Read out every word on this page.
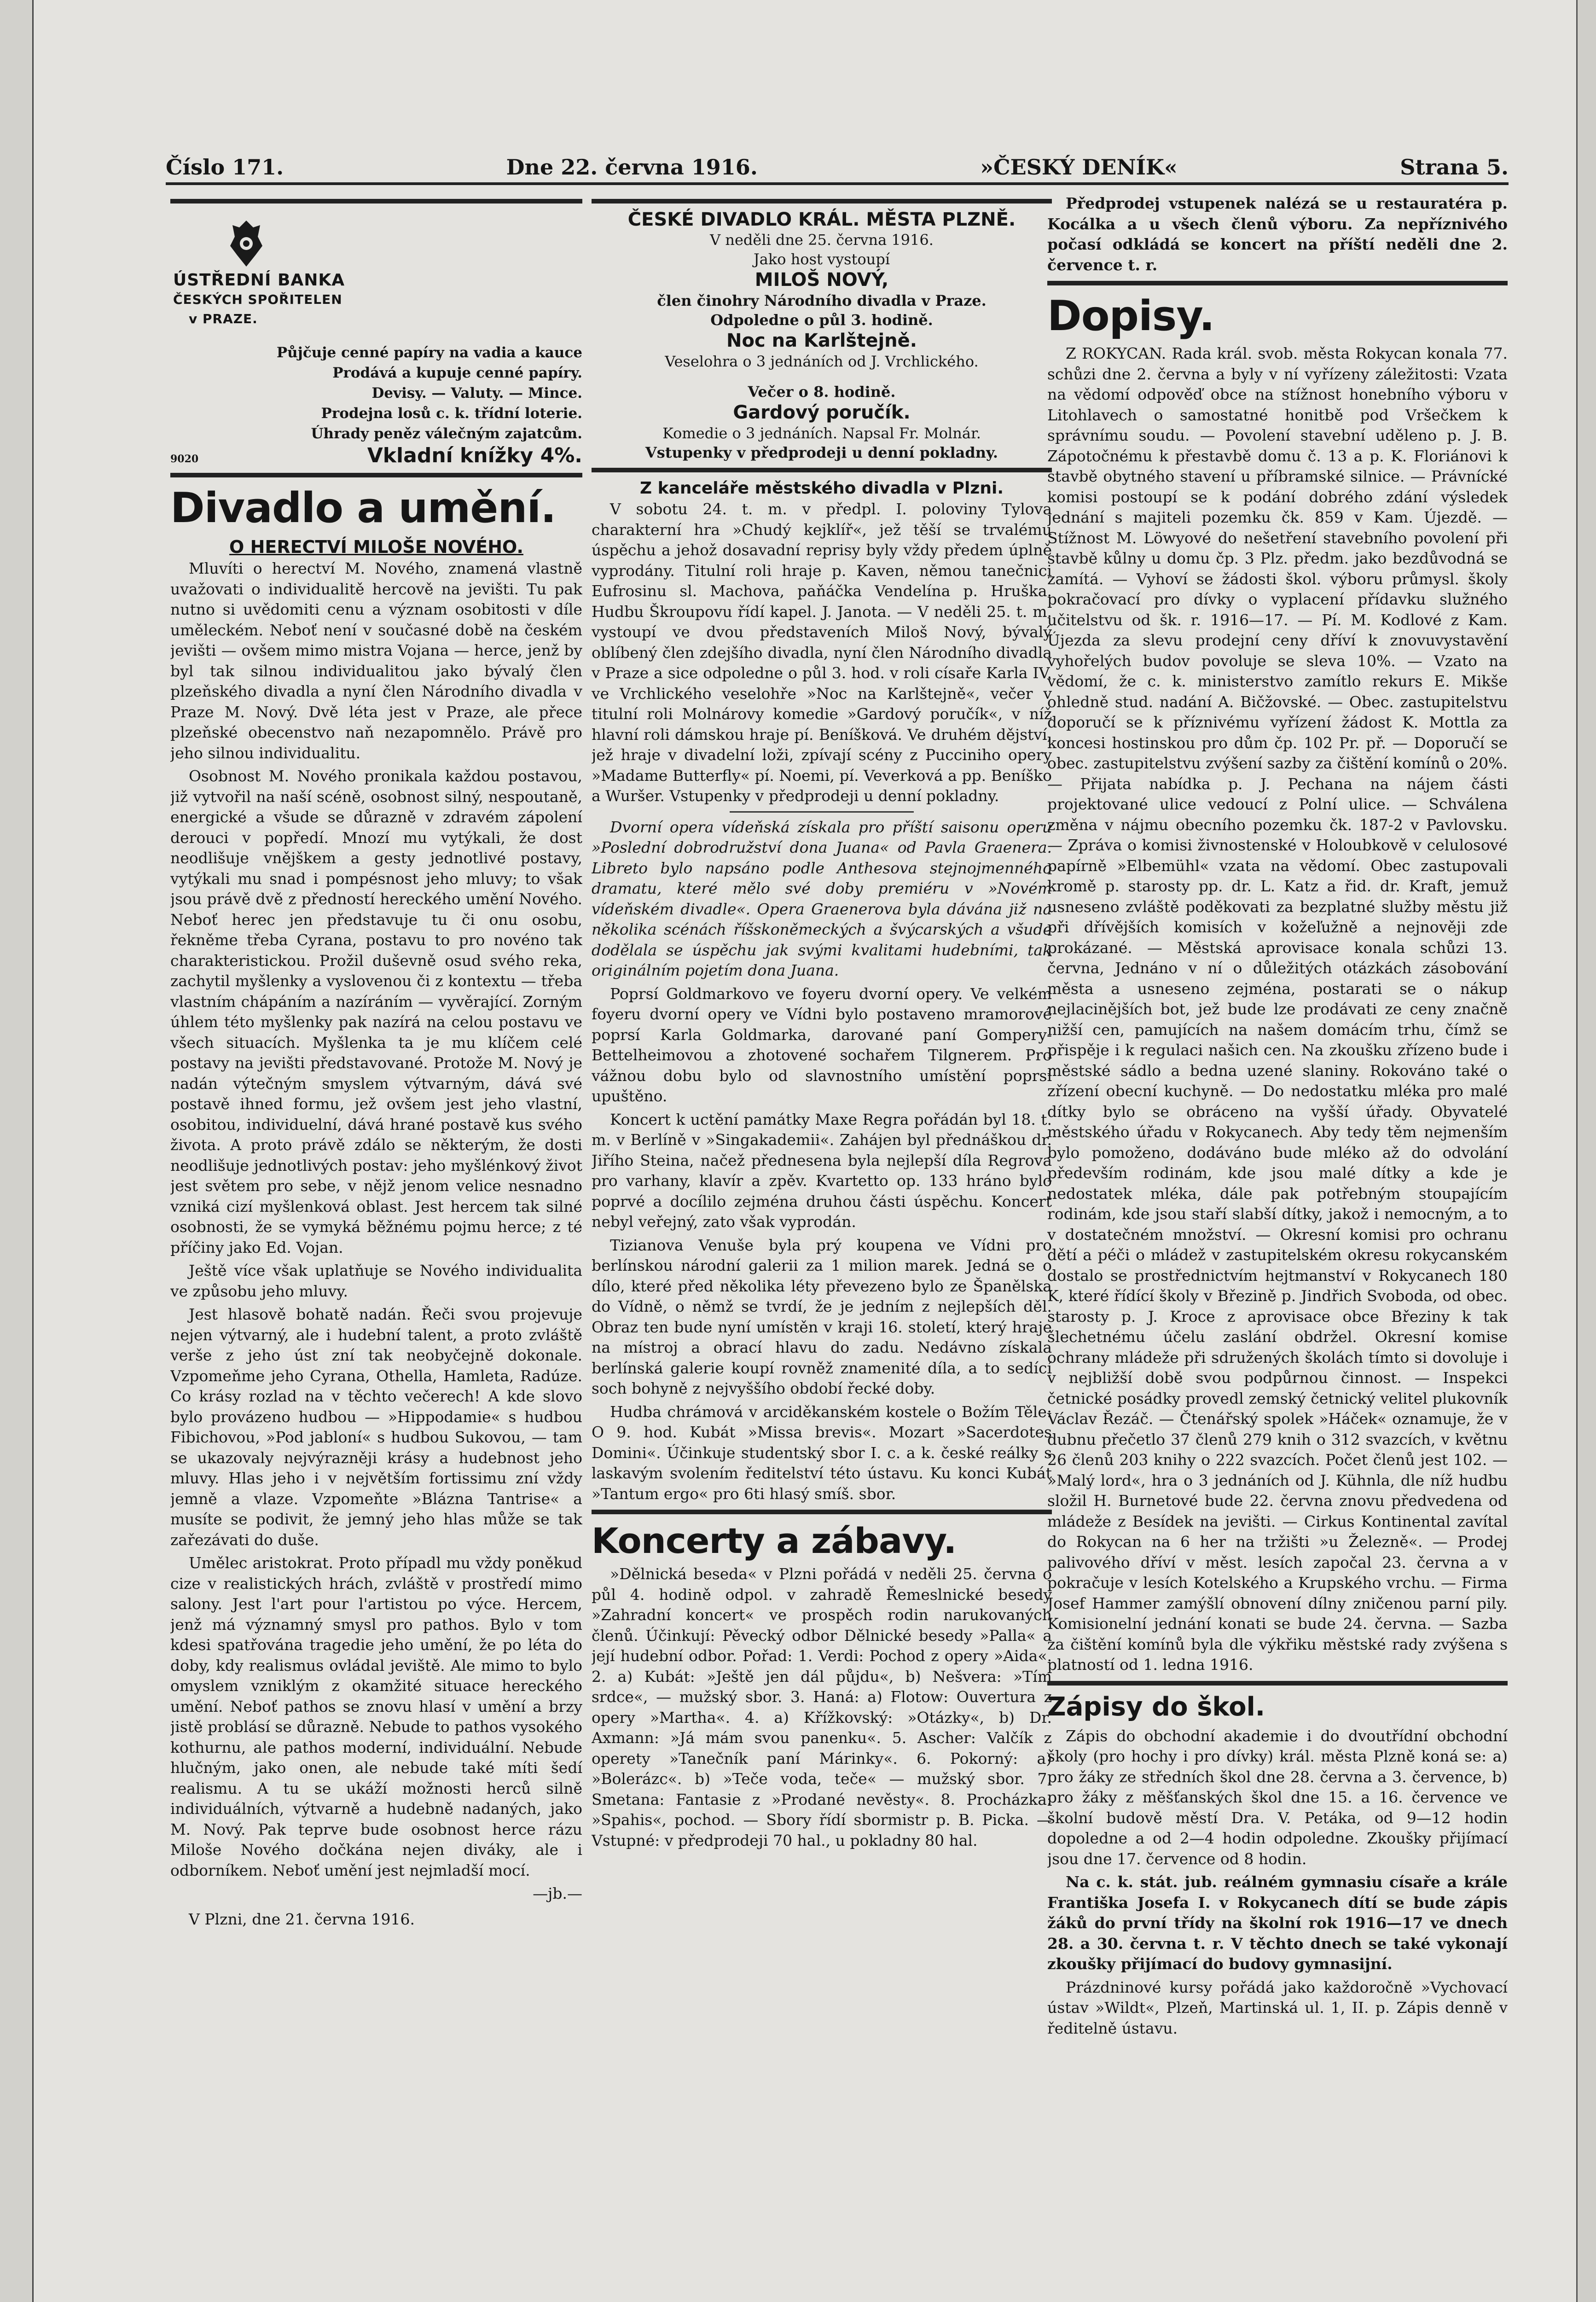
Číslo 171.	Dne 22. června 1916.	»ČESKÝ DENÍK«	Strana 5.
ÚSTŘEDNÍ BANKA
ČESKÝCH SPOŘITELEN
v PRAZE.
Půjčuje cenné papíry na vadia a kauce
Prodává a kupuje cenné papíry.
Devisy. — Valuty. — Mince.
Prodejna losů c. k. třídní loterie.
Úhrady peněz válečným zajatcům.
9020	Vkladní knížky 4%.
Divadlo a umění.
O HERECTVÍ MILOŠE NOVÉHO.

Mluvíti o herectví M. Nového, znamená vlastně uvažovati o individualitě hercově na jevišti. Tu pak nutno si uvědomiti cenu a význam osobitosti v díle uměleckém. Neboť není v současné době na českém jevišti — ovšem mimo mistra Vojana — herce, jenž by byl tak silnou individualitou jako bývalý člen plzeňského divadla a nyní člen Národního divadla v Praze M. Nový. Dvě léta jest v Praze, ale přece plzeňské obecenstvo naň nezapomnělo. Právě pro jeho silnou individualitu.

Osobnost M. Nového pronikala každou postavou, již vytvořil na naší scéně, osobnost silný, nespoutaně, energické a všude se důrazně v zdravém zápolení derouci v popředí. Mnozí mu vytýkali, že dost neodlišuje vnějškem a gesty jednotlivé postavy, vytýkali mu snad i pompésnost jeho mluvy; to však jsou právě dvě z předností hereckého umění Nového. Neboť herec jen představuje tu či onu osobu, řekněme třeba Cyrana, postavu to pro novéno tak charakteristickou. Prožil duševně osud svého reka, zachytil myšlenky a vyslovenou či z kontextu — třeba vlastním chápáním a nazíráním — vyvěrající. Zorným úhlem této myšlenky pak nazírá na celou postavu ve všech situacích. Myšlenka ta je mu klíčem celé postavy na jevišti představované. Protože M. Nový je nadán výtečným smyslem výtvarným, dává své postavě ihned formu, jež ovšem jest jeho vlastní, osobitou, individuelní, dává hrané postavě kus svého života. A proto právě zdálo se některým, že dosti neodlišuje jednotlivých postav: jeho myšlénkový život jest světem pro sebe, v nějž jenom velice nesnadno vzniká cizí myšlenková oblast. Jest hercem tak silné osobnosti, že se vymyká běžnému pojmu herce; z té příčiny jako Ed. Vojan.

Ještě více však uplatňuje se Nového individualita ve způsobu jeho mluvy.

Jest hlasově bohatě nadán. Řeči svou projevuje nejen výtvarný, ale i hudební talent, a proto zvláště verše z jeho úst zní tak neobyčejně dokonale. Vzpomeňme jeho Cyrana, Othella, Hamleta, Radúze. Co krásy rozlad na v těchto večerech! A kde slovo bylo provázeno hudbou — »Hippodamie« s hudbou Fibichovou, »Pod jabloní« s hudbou Sukovou, — tam se ukazovaly nejvýrazněji krásy a hudebnost jeho mluvy. Hlas jeho i v největším fortissimu zní vždy jemně a vlaze. Vzpomeňte »Blázna Tantrise« a musíte se podivit, že jemný jeho hlas může se tak zařezávati do duše.

Umělec aristokrat. Proto případl mu vždy poněkud cize v realistických hrách, zvláště v prostředí mimo salony. Jest l'art pour l'artistou po výce. Hercem, jenž má významný smysl pro pathos. Bylo v tom kdesi spatřována tragedie jeho umění, že po léta do doby, kdy realismus ovládal jeviště. Ale mimo to bylo omyslem vzniklým z okamžité situace hereckého umění. Neboť pathos se znovu hlasí v umění a brzy jistě problásí se důrazně. Nebude to pathos vysokého kothurnu, ale pathos moderní, individuální. Nebude hlučným, jako onen, ale nebude také míti šedí realismu. A tu se ukáží možnosti herců silně individuálních, výtvarně a hudebně nadaných, jako M. Nový. Pak teprve bude osobnost herce rázu Miloše Nového dočkána nejen diváky, ale i odborníkem. Neboť umění jest nejmladší mocí.

—jb.—
V Plzni, dne 21. června 1916.
ČESKÉ DIVADLO KRÁL. MĚSTA PLZNĚ.
V neděli dne 25. června 1916.
Jako host vystoupí
MILOŠ NOVÝ,
člen činohry Národního divadla v Praze.
Odpoledne o půl 3. hodině.
Noc na Karlštejně.
Veselohra o 3 jednáních od J. Vrchlického.
Večer o 8. hodině.
Gardový poručík.
Komedie o 3 jednáních. Napsal Fr. Molnár.
Vstupenky v předprodeji u denní pokladny.
Z kanceláře městského divadla v Plzni.

V sobotu 24. t. m. v předpl. I. poloviny Tylova charakterní hra »Chudý kejklíř«, jež těší se trvalému úspěchu a jehož dosavadní reprisy byly vždy předem úplně vyprodány. Titulní roli hraje p. Kaven, němou tanečnici Eufrosinu sl. Machova, paňáčka Vendelína p. Hruška. Hudbu Škroupovu řídí kapel. J. Janota. — V neděli 25. t. m. vystoupí ve dvou představeních Miloš Nový, bývalý oblíbený člen zdejšího divadla, nyní člen Národního divadla v Praze a sice odpoledne o půl 3. hod. v roli císaře Karla IV. ve Vrchlického veselohře »Noc na Karlštejně«, večer v titulní roli Molnárovy komedie »Gardový poručík«, v níž hlavní roli dámskou hraje pí. Beníšková. Ve druhém dějství, jež hraje v divadelní loži, zpívají scény z Pucciniho opery »Madame Butterfly« pí. Noemi, pí. Veverková a pp. Beníško a Wuršer. Vstupenky v předprodeji u denní pokladny.

Dvorní opera vídeňská získala pro příští saisonu operu »Poslední dobrodružství dona Juana« od Pavla Graenera. Libreto bylo napsáno podle Anthesova stejnojmenného dramatu, které mělo své doby premiéru v »Novém vídeňském divadle«. Opera Graenerova byla dávána již na několika scénách říšskoněmeckých a švýcarských a všude dodělala se úspěchu jak svými kvalitami hudebními, tak originálním pojetím dona Juana.

Poprsí Goldmarkovo ve foyeru dvorní opery. Ve velkém foyeru dvorní opery ve Vídni bylo postaveno mramorové poprsí Karla Goldmarka, darované paní Gompery-Bettelheimovou a zhotovené sochařem Tilgnerem. Pro vážnou dobu bylo od slavnostního umístění poprsí upuštěno.

Koncert k uctění památky Maxe Regra pořádán byl 18. t. m. v Berlíně v »Singakademii«. Zahájen byl přednáškou dr. Jiřího Steina, načež přednesena byla nejlepší díla Regrova pro varhany, klavír a zpěv. Kvartetto op. 133 hráno bylo poprvé a docílilo zejména druhou části úspěchu. Koncert nebyl veřejný, zato však vyprodán.

Tizianova Venuše byla prý koupena ve Vídni pro berlínskou národní galerii za 1 milion marek. Jedná se o dílo, které před několika léty převezeno bylo ze Španělska do Vídně, o němž se tvrdí, že je jedním z nejlepších děl. Obraz ten bude nyní umístěn v kraji 16. století, který hraje na místroj a obrací hlavu do zadu. Nedávno získala berlínská galerie koupí rovněž znamenité díla, a to sedící soch bohyně z nejvyššího období řecké doby.

Hudba chrámová v arciděkanském kostele o Božím Těle: O 9. hod. Kubát »Missa brevis«. Mozart »Sacerdotes Domini«. Účinkuje studentský sbor I. c. a k. české reálky s laskavým svolením ředitelství této ústavu. Ku konci Kubát »Tantum ergo« pro 6ti hlasý smíš. sbor.

Koncerty a zábavy.

»Dělnická beseda« v Plzni pořádá v neděli 25. června o půl 4. hodině odpol. v zahradě Řemeslnické besedy »Zahradní koncert« ve prospěch rodin narukovaných členů. Účinkují: Pěvecký odbor Dělnické besedy »Palla« a její hudební odbor. Pořad: 1. Verdi: Pochod z opery »Aida«. 2. a) Kubát: »Ještě jen dál půjdu«, b) Nešvera: »Tím srdce«, — mužský sbor. 3. Haná: a) Flotow: Ouvertura z opery »Martha«. 4. a) Křížkovský: »Otázky«, b) Dr. Axmann: »Já mám svou panenku«. 5. Ascher: Valčík z operety »Tanečník paní Márinky«. 6. Pokorný: a) »Bolerázc«. b) »Teče voda, teče« — mužský sbor. 7. Smetana: Fantasie z »Prodané nevěsty«. 8. Procházka: »Spahis«, pochod. — Sbory řídí sbormistr p. B. Picka. — Vstupné: v předprodeji 70 hal., u pokladny 80 hal.

Předprodej vstupenek nalézá se u restauratéra p. Kocálka a u všech členů výboru. Za nepříznivého počasí odkládá se koncert na příští neděli dne 2. července t. r.

Dopisy.

Z ROKYCAN. Rada král. svob. města Rokycan konala 77. schůzi dne 2. června a byly v ní vyřízeny záležitosti: Vzata na vědomí odpověď obce na stížnost honebního výboru v Litohlavech o samostatné honitbě pod Vršečkem k správnímu soudu. — Povolení stavební uděleno p. J. B. Zápotočnému k přestavbě domu č. 13 a p. K. Floriánovi k stavbě obytného stavení u příbramské silnice. — Právnícké komisi postoupí se k podání dobrého zdání výsledek jednání s majiteli pozemku čk. 859 v Kam. Újezdě. — Stížnost M. Löwyové do nešetření stavebního povolení při stavbě kůlny u domu čp. 3 Plz. předm. jako bezdůvodná se zamítá. — Vyhoví se žádosti škol. výboru průmysl. školy pokračovací pro dívky o vyplacení přídavku služného učitelstvu od šk. r. 1916—17. — Pí. M. Kodlové z Kam. Újezda za slevu prodejní ceny dříví k znovuvystavění vyhořelých budov povoluje se sleva 10%. — Vzato na vědomí, že c. k. ministerstvo zamítlo rekurs E. Mikše ohledně stud. nadání A. Bičžovské. — Obec. zastupitelstvu doporučí se k příznivému vyřízení žádost K. Mottla za koncesi hostinskou pro dům čp. 102 Pr. př. — Doporučí se obec. zastupitelstvu zvýšení sazby za čištění komínů o 20%. — Přijata nabídka p. J. Pechana na nájem části projektované ulice vedoucí z Polní ulice. — Schválena změna v nájmu obecního pozemku čk. 187-2 v Pavlovsku. — Zpráva o komisi živnostenské v Holoubkově v celulosové papírně »Elbemühl« vzata na vědomí. Obec zastupovali kromě p. starosty pp. dr. L. Katz a řid. dr. Kraft, jemuž usneseno zvláště poděkovati za bezplatné služby městu již při dřívějších komisích v kožeľužně a nejnověji zde prokázané. — Městská aprovisace konala schůzi 13. června, Jednáno v ní o důležitých otázkách zásobování města a usneseno zejména, postarati se o nákup nejlacinějších bot, jež bude lze prodávati ze ceny značně nižší cen, pamujících na našem domácím trhu, čímž se přispěje i k regulaci našich cen. Na zkoušku zřízeno bude i městské sádlo a bedna uzené slaniny. Rokováno také o zřízení obecní kuchyně. — Do nedostatku mléka pro malé dítky bylo se obráceno na vyšší úřady. Obyvatelé městského úřadu v Rokycanech. Aby tedy těm nejmenším bylo pomoženo, dodáváno bude mléko až do odvolání především rodinám, kde jsou malé dítky a kde je nedostatek mléka, dále pak potřebným stoupajícím rodinám, kde jsou staří slabší dítky, jakož i nemocným, a to v dostatečném množství. — Okresní komisi pro ochranu dětí a péči o mládež v zastupitelském okresu rokycanském dostalo se prostřednictvím hejtmanství v Rokycanech 180 K, které řídící školy v Březině p. Jindřich Svoboda, od obec. starosty p. J. Kroce z aprovisace obce Březiny k tak šlechetnému účelu zaslání obdržel. Okresní komise ochrany mládeže při sdružených školách tímto si dovoluje i v nejbližší době svou podpůrnou činnost. — Inspekci četnické posádky provedl zemský četnický velitel plukovník Václav Řezáč. — Čtenářský spolek »Háček« oznamuje, že v dubnu přečetlo 37 členů 279 knih o 312 svazcích, v květnu 26 členů 203 knihy o 222 svazcích. Počet členů jest 102. — »Malý lord«, hra o 3 jednáních od J. Kühnla, dle níž hudbu složil H. Burnetové bude 22. června znovu předvedena od mládeže z Besídek na jevišti. — Cirkus Kontinental zavítal do Rokycan na 6 her na tržišti »u Železně«. — Prodej palivového dříví v měst. lesích započal 23. června a v pokračuje v lesích Kotelského a Krupského vrchu. — Firma Josef Hammer zamýšlí obnovení dílny zničenou parní pily. Komisionelní jednání konati se bude 24. června. — Sazba za čištění komínů byla dle výkřiku městské rady zvýšena s platností od 1. ledna 1916.

Zápisy do škol.

Zápis do obchodní akademie i do dvoutřídní obchodní školy (pro hochy i pro dívky) král. města Plzně koná se: a) pro žáky ze středních škol dne 28. června a 3. července, b) pro žáky z měšťanských škol dne 15. a 16. července ve školní budově městí Dra. V. Petáka, od 9—12 hodin dopoledne a od 2—4 hodin odpoledne. Zkoušky přijímací jsou dne 17. července od 8 hodin.

Na c. k. stát. jub. reálném gymnasiu císaře a krále Františka Josefa I. v Rokycanech dítí se bude zápis žáků do první třídy na školní rok 1916—17 ve dnech 28. a 30. června t. r. V těchto dnech se také vykonají zkoušky přijímací do budovy gymnasijní.

Prázdninové kursy pořádá jako každoročně »Vychovací ústav »Wildt«, Plzeň, Martinská ul. 1, II. p. Zápis denně v ředitelně ústavu.
